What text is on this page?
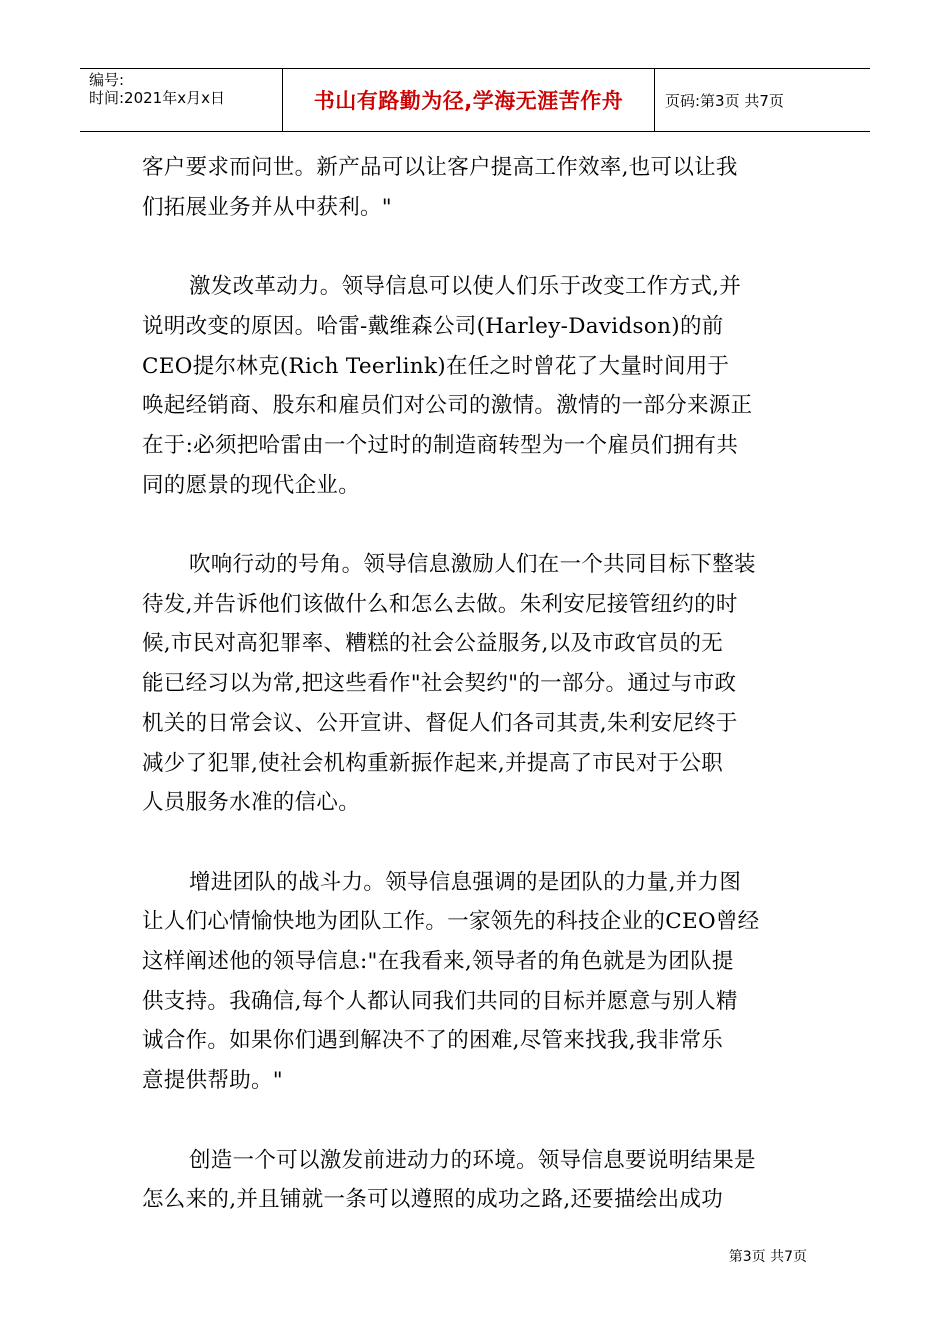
编号:
时间:2021年x月x日	书山有路勤为径,学海无涯苦作舟	页码:第3页 共7页
客户要求而问世。新产品可以让客户提高工作效率,也可以让我
们拓展业务并从中获利。"
激发改革动力。领导信息可以使人们乐于改变工作方式,并
说明改变的原因。哈雷-戴维森公司(Harley-Davidson)的前
CEO提尔林克(Rich Teerlink)在任之时曾花了大量时间用于
唤起经销商、股东和雇员们对公司的激情。激情的一部分来源正
在于:必须把哈雷由一个过时的制造商转型为一个雇员们拥有共
同的愿景的现代企业。
吹响行动的号角。领导信息激励人们在一个共同目标下整装
待发,并告诉他们该做什么和怎么去做。朱利安尼接管纽约的时
候,市民对高犯罪率、糟糕的社会公益服务,以及市政官员的无
能已经习以为常,把这些看作"社会契约"的一部分。通过与市政
机关的日常会议、公开宣讲、督促人们各司其责,朱利安尼终于
减少了犯罪,使社会机构重新振作起来,并提高了市民对于公职
人员服务水准的信心。
增进团队的战斗力。领导信息强调的是团队的力量,并力图
让人们心情愉快地为团队工作。一家领先的科技企业的CEO曾经
这样阐述他的领导信息:"在我看来,领导者的角色就是为团队提
供支持。我确信,每个人都认同我们共同的目标并愿意与别人精
诚合作。如果你们遇到解决不了的困难,尽管来找我,我非常乐
意提供帮助。"
创造一个可以激发前进动力的环境。领导信息要说明结果是
怎么来的,并且铺就一条可以遵照的成功之路,还要描绘出成功
第3页 共7页
